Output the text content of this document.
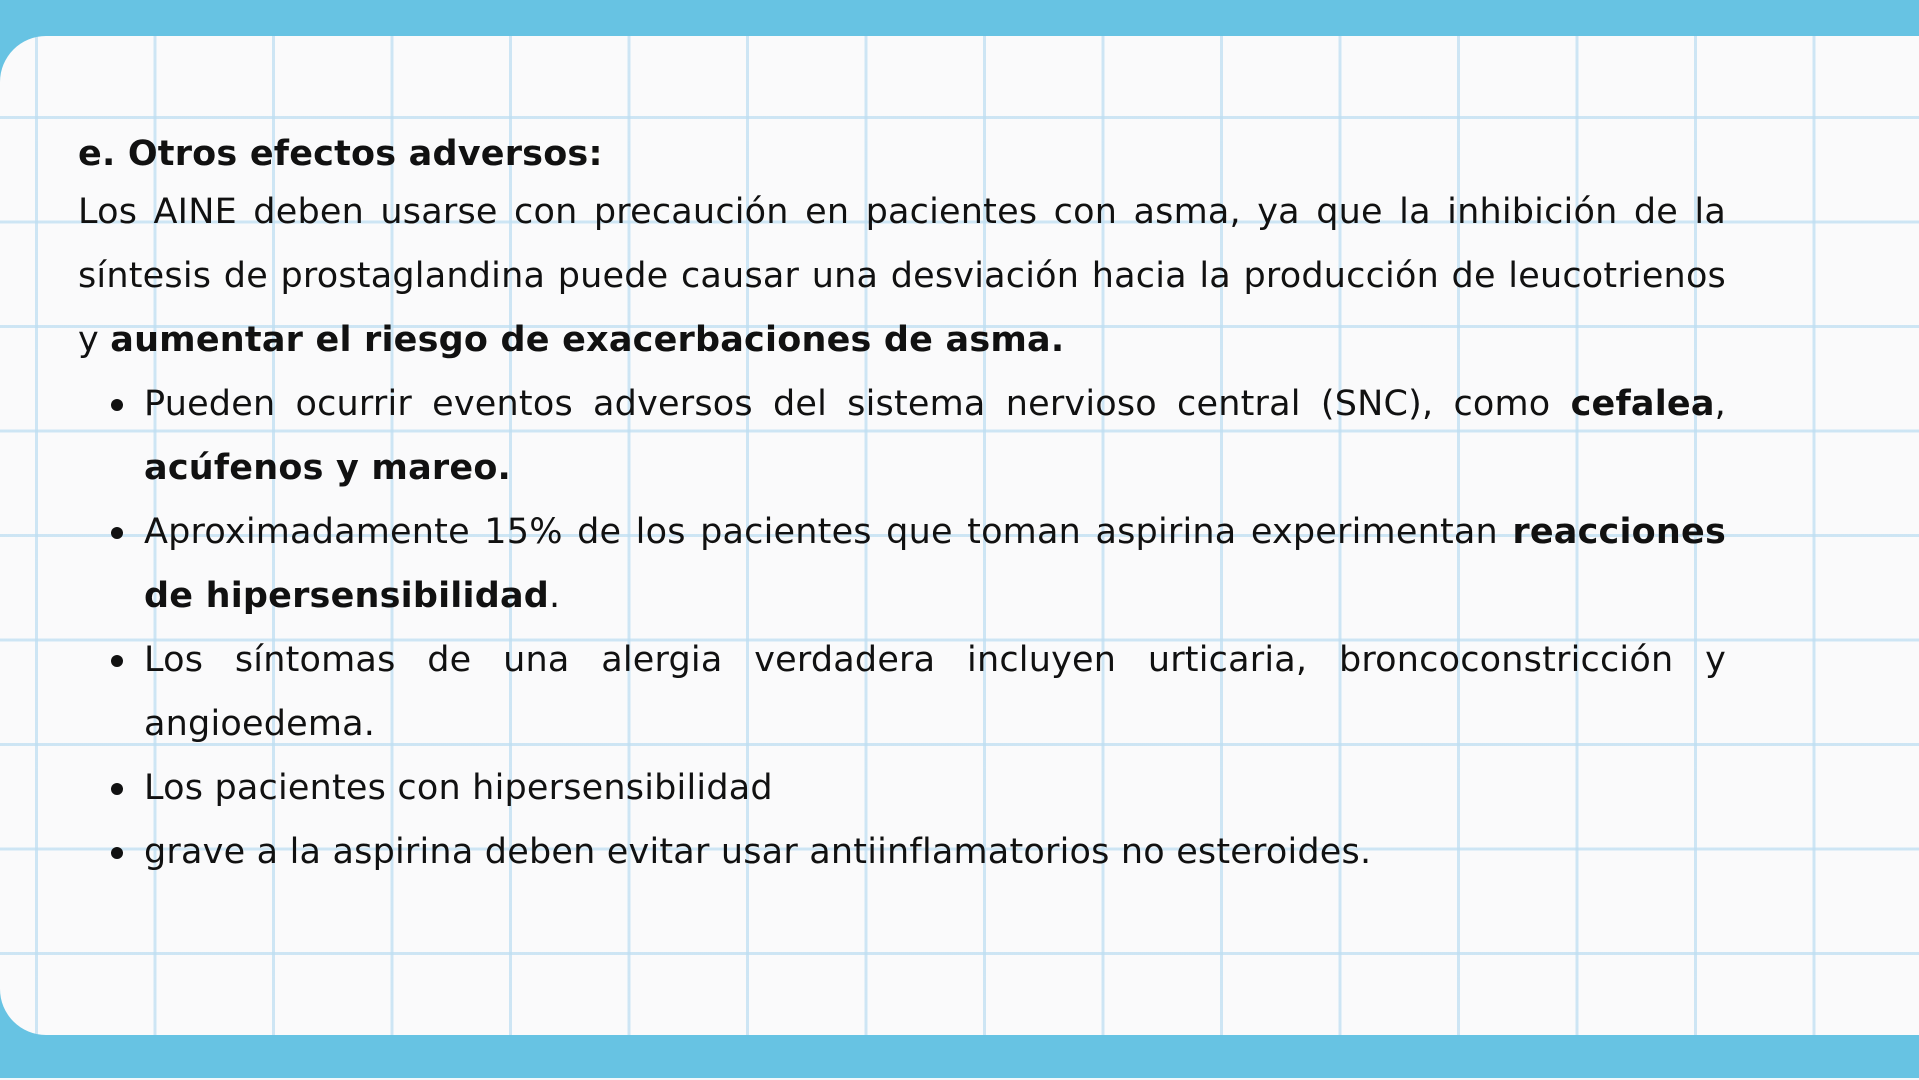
e. Otros efectos adversos:

Los AINE deben usarse con precaución en pacientes con asma, ya que la inhibición de la síntesis de prostaglandina puede causar una desviación hacia la producción de leucotrienos y aumentar el riesgo de exacerbaciones de asma.

Pueden ocurrir eventos adversos del sistema nervioso central (SNC), como cefalea, acúfenos y mareo.
Aproximadamente 15% de los pacientes que toman aspirina experimentan reacciones de hipersensibilidad.
Los síntomas de una alergia verdadera incluyen urticaria, broncoconstricción y angioedema.
Los pacientes con hipersensibilidad
grave a la aspirina deben evitar usar antiinflamatorios no esteroides.
